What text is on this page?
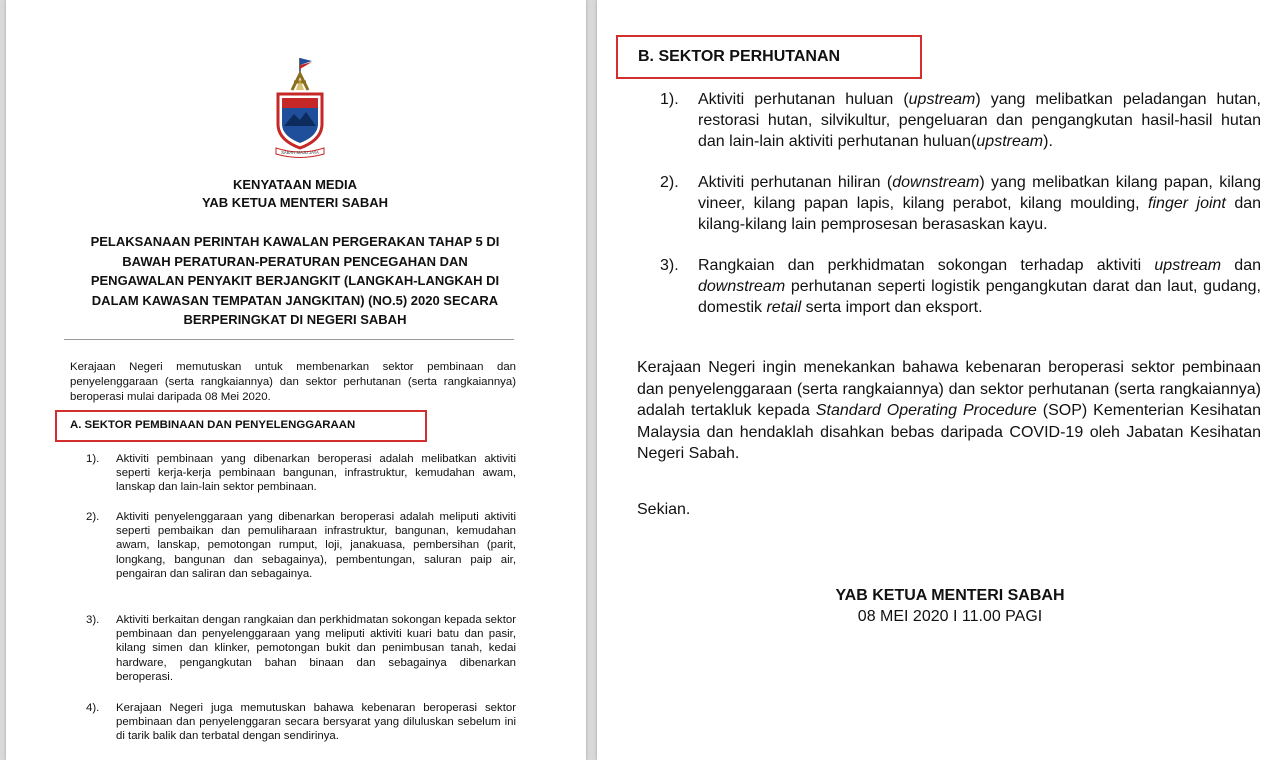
SABAH MAJU JAYA
KENYATAAN MEDIA
YAB KETUA MENTERI SABAH
PELAKSANAAN PERINTAH KAWALAN PERGERAKAN TAHAP 5 DI
BAWAH PERATURAN-PERATURAN PENCEGAHAN DAN
PENGAWALAN PENYAKIT BERJANGKIT (LANGKAH-LANGKAH DI
DALAM KAWASAN TEMPATAN JANGKITAN) (NO.5) 2020 SECARA
BERPERINGKAT DI NEGERI SABAH
Kerajaan Negeri memutuskan untuk membenarkan sektor pembinaan dan penyelenggaraan (serta rangkaiannya) dan sektor perhutanan (serta rangkaiannya) beroperasi mulai daripada 08 Mei 2020.
A. SEKTOR PEMBINAAN DAN PENYELENGGARAAN
1). Aktiviti pembinaan yang dibenarkan beroperasi adalah melibatkan aktiviti seperti kerja-kerja pembinaan bangunan, infrastruktur, kemudahan awam, lanskap dan lain-lain sektor pembinaan.
2). Aktiviti penyelenggaraan yang dibenarkan beroperasi adalah meliputi aktiviti seperti pembaikan dan pemuliharaan infrastruktur, bangunan, kemudahan awam, lanskap, pemotongan rumput, loji, janakuasa, pembersihan (parit, longkang, bangunan dan sebagainya), pembentungan, saluran paip air, pengairan dan saliran dan sebagainya.
3). Aktiviti berkaitan dengan rangkaian dan perkhidmatan sokongan kepada sektor pembinaan dan penyelenggaraan yang meliputi aktiviti kuari batu dan pasir, kilang simen dan klinker, pemotongan bukit dan penimbusan tanah, kedai hardware, pengangkutan bahan binaan dan sebagainya dibenarkan beroperasi.
4). Kerajaan Negeri juga memutuskan bahawa kebenaran beroperasi sektor pembinaan dan penyelenggaran secara bersyarat yang diluluskan sebelum ini di tarik balik dan terbatal dengan sendirinya.
B. SEKTOR PERHUTANAN
1). Aktiviti perhutanan huluan (upstream) yang melibatkan peladangan hutan, restorasi hutan, silvikultur, pengeluaran dan pengangkutan hasil-hasil hutan dan lain-lain aktiviti perhutanan huluan(upstream).
2). Aktiviti perhutanan hiliran (downstream) yang melibatkan kilang papan, kilang vineer, kilang papan lapis, kilang perabot, kilang moulding, finger joint dan kilang-kilang lain pemprosesan berasaskan kayu.
3). Rangkaian dan perkhidmatan sokongan terhadap aktiviti upstream dan downstream perhutanan seperti logistik pengangkutan darat dan laut, gudang, domestik retail serta import dan eksport.
Kerajaan Negeri ingin menekankan bahawa kebenaran beroperasi sektor pembinaan dan penyelenggaraan (serta rangkaiannya) dan sektor perhutanan (serta rangkaiannya) adalah tertakluk kepada Standard Operating Procedure (SOP) Kementerian Kesihatan Malaysia dan hendaklah disahkan bebas daripada COVID-19 oleh Jabatan Kesihatan Negeri Sabah.
Sekian.
YAB KETUA MENTERI SABAH
08 MEI 2020 I 11.00 PAGI
